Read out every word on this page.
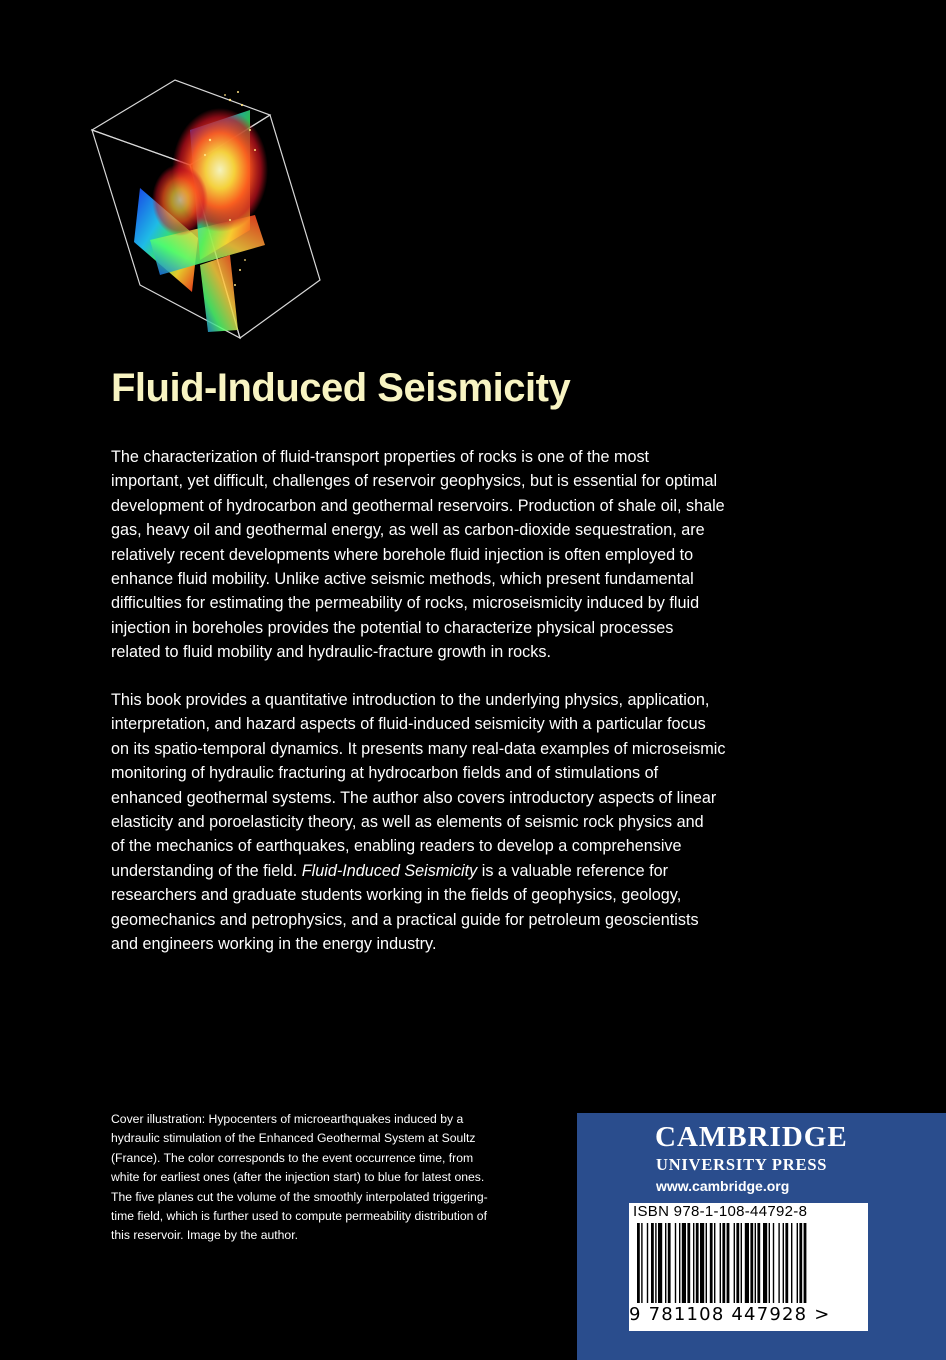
Fluid-Induced Seismicity

The characterization of fluid-transport properties of rocks is one of the most
important, yet difficult, challenges of reservoir geophysics, but is essential for optimal
development of hydrocarbon and geothermal reservoirs. Production of shale oil, shale
gas, heavy oil and geothermal energy, as well as carbon-dioxide sequestration, are
relatively recent developments where borehole fluid injection is often employed to
enhance fluid mobility. Unlike active seismic methods, which present fundamental
difficulties for estimating the permeability of rocks, microseismicity induced by fluid
injection in boreholes provides the potential to characterize physical processes
related to fluid mobility and hydraulic-fracture growth in rocks.

This book provides a quantitative introduction to the underlying physics, application,
interpretation, and hazard aspects of fluid-induced seismicity with a particular focus
on its spatio-temporal dynamics. It presents many real-data examples of microseismic
monitoring of hydraulic fracturing at hydrocarbon fields and of stimulations of
enhanced geothermal systems. The author also covers introductory aspects of linear
elasticity and poroelasticity theory, as well as elements of seismic rock physics and
of the mechanics of earthquakes, enabling readers to develop a comprehensive
understanding of the field. Fluid-Induced Seismicity is a valuable reference for
researchers and graduate students working in the fields of geophysics, geology,
geomechanics and petrophysics, and a practical guide for petroleum geoscientists
and engineers working in the energy industry.

Cover illustration: Hypocenters of microearthquakes induced by a
hydraulic stimulation of the Enhanced Geothermal System at Soultz
(France). The color corresponds to the event occurrence time, from
white for earliest ones (after the injection start) to blue for latest ones.
The five planes cut the volume of the smoothly interpolated triggering-
time field, which is further used to compute permeability distribution of
this reservoir. Image by the author.

CAMBRIDGE
UNIVERSITY PRESS
www.cambridge.org
ISBN 978-1-108-44792-8
9 781108 447928 >
